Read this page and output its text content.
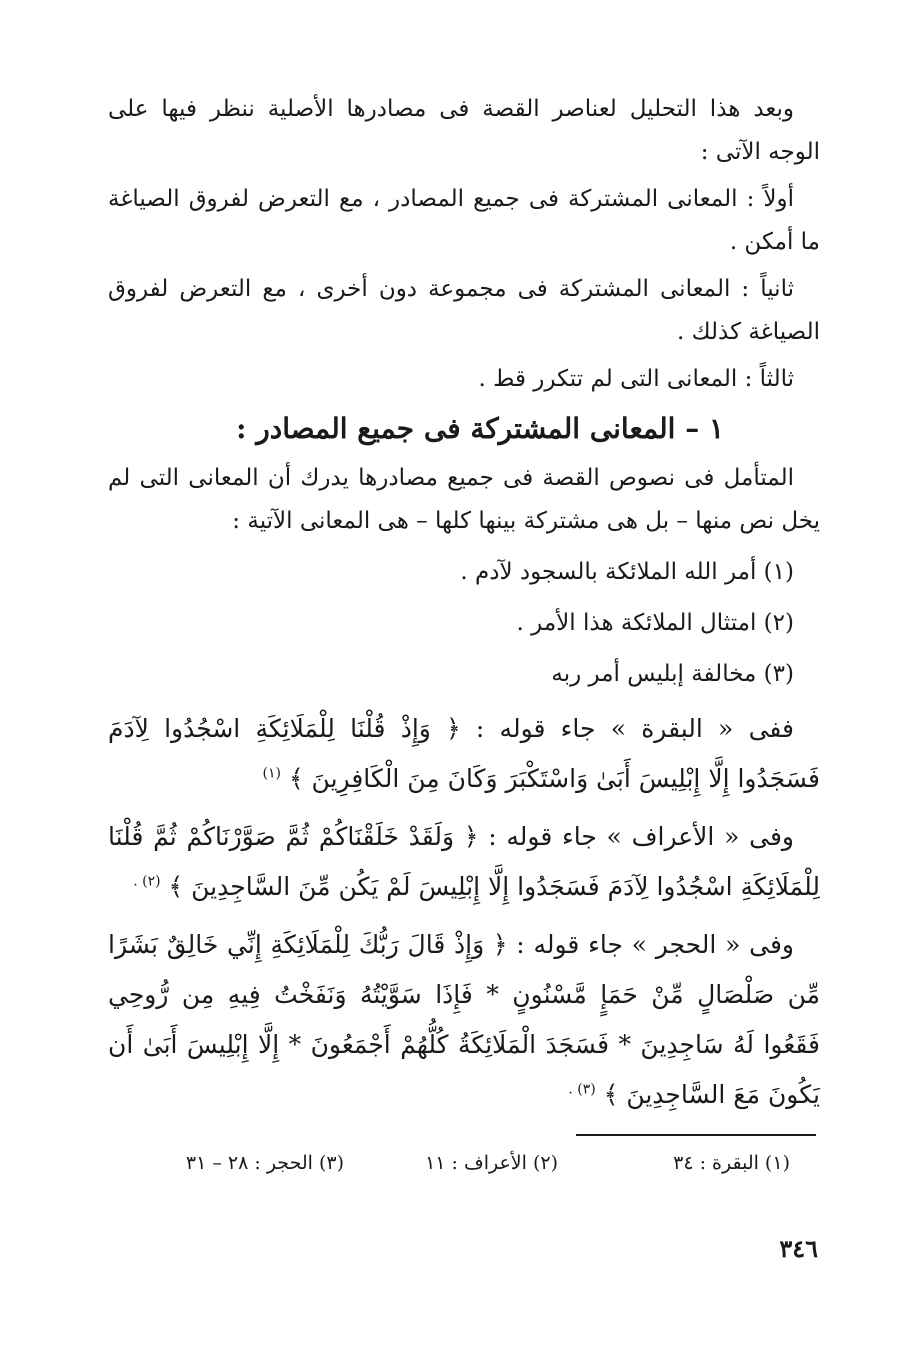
وبعد هذا التحليل لعناصر القصة فى مصادرها الأصلية ننظر فيها على الوجه الآتى :

أولاً : المعانى المشتركة فى جميع المصادر ، مع التعرض لفروق الصياغة ما أمكن .

ثانياً : المعانى المشتركة فى مجموعة دون أخرى ، مع التعرض لفروق الصياغة كذلك .

ثالثاً : المعانى التى لم تتكرر قط .

١ – المعانى المشتركة فى جميع المصادر :

المتأمل فى نصوص القصة فى جميع مصادرها يدرك أن المعانى التى لم يخل نص منها – بل هى مشتركة بينها كلها – هى المعانى الآتية :

(١) أمر الله الملائكة بالسجود لآدم .
(٢) امتثال الملائكة هذا الأمر .
(٣) مخالفة إبليس أمر ربه

ففى « البقرة » جاء قوله : ﴿ وَإِذْ قُلْنَا لِلْمَلَائِكَةِ اسْجُدُوا لِآدَمَ فَسَجَدُوا إِلَّا إِبْلِيسَ أَبَىٰ وَاسْتَكْبَرَ وَكَانَ مِنَ الْكَافِرِينَ ﴾ $^{(١)}$

وفى « الأعراف » جاء قوله : ﴿ وَلَقَدْ خَلَقْنَاكُمْ ثُمَّ صَوَّرْنَاكُمْ ثُمَّ قُلْنَا لِلْمَلَائِكَةِ اسْجُدُوا لِآدَمَ فَسَجَدُوا إِلَّا إِبْلِيسَ لَمْ يَكُن مِّنَ السَّاجِدِينَ ﴾ $^{(٢) .}$

وفى « الحجر » جاء قوله : ﴿ وَإِذْ قَالَ رَبُّكَ لِلْمَلَائِكَةِ إِنِّي خَالِقٌ بَشَرًا مِّن صَلْصَالٍ مِّنْ حَمَإٍ مَّسْنُونٍ * فَإِذَا سَوَّيْتُهُ وَنَفَخْتُ فِيهِ مِن رُّوحِي فَقَعُوا لَهُ سَاجِدِينَ * فَسَجَدَ الْمَلَائِكَةُ كُلُّهُمْ أَجْمَعُونَ * إِلَّا إِبْلِيسَ أَبَىٰ أَن يَكُونَ مَعَ السَّاجِدِينَ ﴾ $^{(٣) .}$

(١) البقرة : ٣٤
(٢) الأعراف : ١١
(٣) الحجر : ٢٨ – ٣١
٣٤٦
